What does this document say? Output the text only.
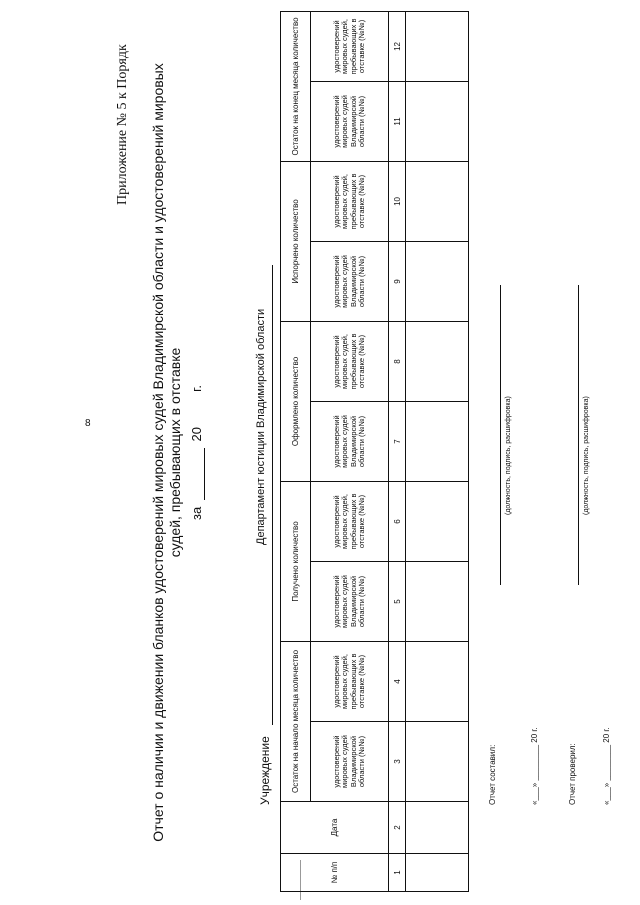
8
Приложение № 5 к Порядк Отчет о наличии и движении бланков удостоверений мировых судей Владимирской области и удостоверений мировых судей, пребывающих в отставке за  20  г.
Учреждение
Департамент юстиции Владимирской области
№ п/п	Дата	Остаток на начало месяца количество		Получено количество		Оформлено количество		Испорчено количество		Остаток на конец месяца количество	
		удостоверений мировых судей Владимирской области (№№)	удостоверений мировых судей, пребывающих в отставке (№№)	удостоверений мировых судей Владимирской области (№№)	удостоверений мировых судей, пребывающих в отставке (№№)	удостоверений мировых судей Владимирской области (№№)	удостоверений мировых судей, пребывающих в отставке (№№)	удостоверений мировых судей Владимирской области (№№)	удостоверений мировых судей, пребывающих в отставке (№№)	удостоверений мировых судей Владимирской области (№№)	удостоверений мировых судей, пребывающих в отставке (№№)
1	2	3	4	5	6	7	8	9	10	11	12

Отчет составил:
(должность, подпись, расшифровка)
«___» ________ 20 г.	Отчет проверил:
(должность, подпись, расшифровка)
«___» ________ 20 г.
